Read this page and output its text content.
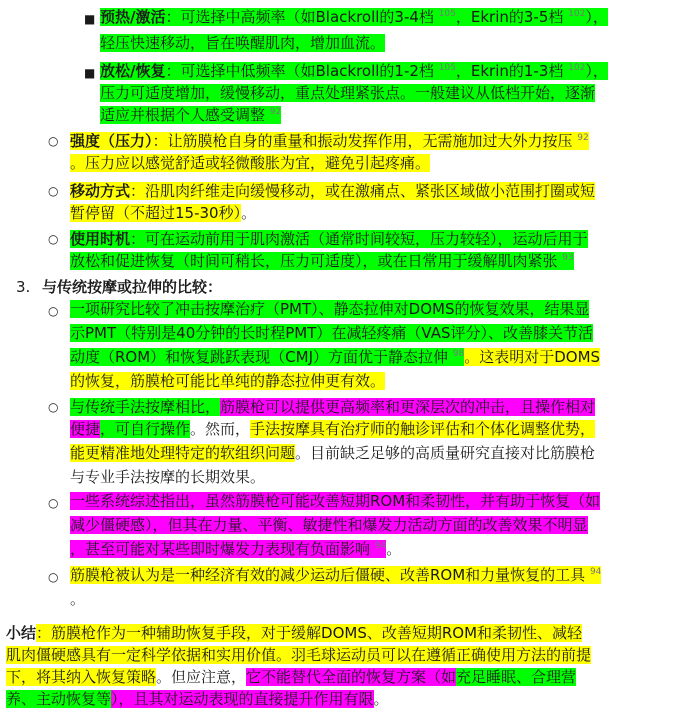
■ 预热/激活：可选择中高频率（如Blackroll的3-4档 $^{105}$，Ekrin的3-5档 $^{102}$），
轻压快速移动，旨在唤醒肌肉，增加血流。
■ 放松/恢复：可选择中低频率（如Blackroll的1-2档 $^{105}$，Ekrin的1-3档 $^{102}$），
压力可适度增加，缓慢移动，重点处理紧张点。一般建议从低档开始，逐渐
适应并根据个人感受调整 $^{92}$
○ 强度（压力）：让筋膜枪自身的重量和振动发挥作用，无需施加过大外力按压 $^{92}$
。压力应以感觉舒适或轻微酸胀为宜，避免引起疼痛。
○ 移动方式：沿肌肉纤维走向缓慢移动，或在激痛点、紧张区域做小范围打圈或短
暂停留（不超过15-30秒）。
○ 使用时机：可在运动前用于肌肉激活（通常时间较短，压力较轻），运动后用于
放松和促进恢复（时间可稍长，压力可适度），或在日常用于缓解肌肉紧张 $^{93}$
3. 与传统按摩或拉伸的比较：
○ 一项研究比较了冲击按摩治疗（PMT）、静态拉伸对DOMS的恢复效果，结果显
示PMT（特别是40分钟的长时程PMT）在减轻疼痛（VAS评分）、改善膝关节活
动度（ROM）和恢复跳跃表现（CMJ）方面优于静态拉伸 $^{98}$。这表明对于DOMS
的恢复，筋膜枪可能比单纯的静态拉伸更有效。
○ 与传统手法按摩相比，筋膜枪可以提供更高频率和更深层次的冲击，且操作相对
便捷，可自行操作。然而，手法按摩具有治疗师的触诊评估和个体化调整优势，
能更精准地处理特定的软组织问题。目前缺乏足够的高质量研究直接对比筋膜枪
与专业手法按摩的长期效果。
○ 一些系统综述指出，虽然筋膜枪可能改善短期ROM和柔韧性，并有助于恢复（如
减少僵硬感），但其在力量、平衡、敏捷性和爆发力活动方面的改善效果不明显
，甚至可能对某些即时爆发力表现有负面影响 $^{94}$。
○ 筋膜枪被认为是一种经济有效的减少运动后僵硬、改善ROM和力量恢复的工具 $^{94}$
。
小结：筋膜枪作为一种辅助恢复手段，对于缓解DOMS、改善短期ROM和柔韧性、减轻
肌肉僵硬感具有一定科学依据和实用价值。羽毛球运动员可以在遵循正确使用方法的前提
下，将其纳入恢复策略。但应注意，它不能替代全面的恢复方案（如充足睡眠、合理营
养、主动恢复等），且其对运动表现的直接提升作用有限。
